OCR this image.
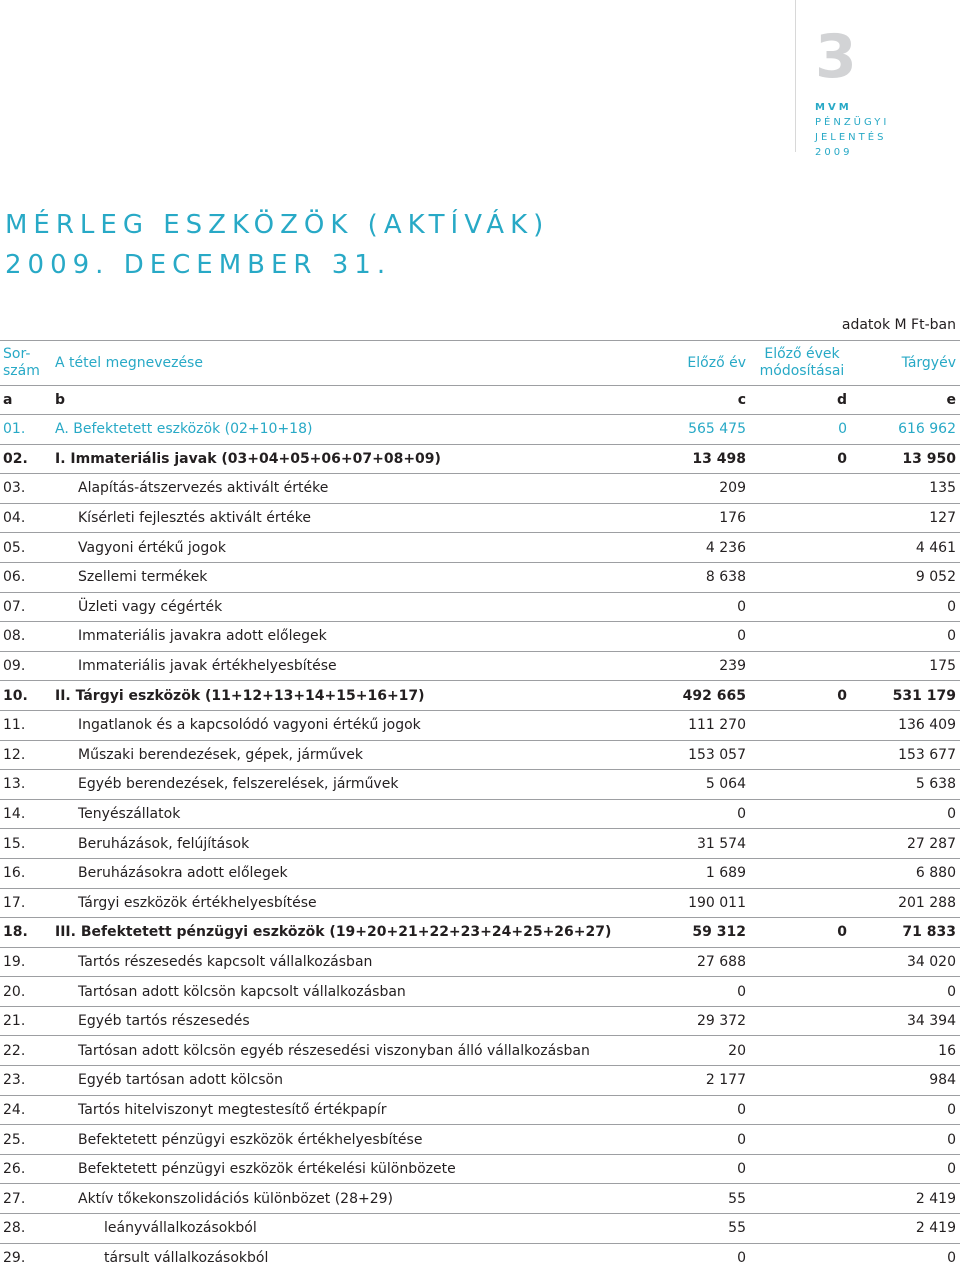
3
MVM
PÉNZÜGYI JELENTÉS
2009
MÉRLEG ESZKÖZÖK (AKTÍVÁK)
2009. DECEMBER 31.
adatok M Ft-ban
Sor- szám	A tétel megnevezése	Előző év	Előző évek módosításai	Tárgyév
a	b	c	d	e
01.	A. Befektetett eszközök (02+10+18)	565 475	0	616 962
02.	I. Immateriális javak (03+04+05+06+07+08+09)	13 498	0	13 950
03.	Alapítás-átszervezés aktivált értéke	209		135
04.	Kísérleti fejlesztés aktivált értéke	176		127
05.	Vagyoni értékű jogok	4 236		4 461
06.	Szellemi termékek	8 638		9 052
07.	Üzleti vagy cégérték	0		0
08.	Immateriális javakra adott előlegek	0		0
09.	Immateriális javak értékhelyesbítése	239		175
10.	II. Tárgyi eszközök (11+12+13+14+15+16+17)	492 665	0	531 179
11.	Ingatlanok és a kapcsolódó vagyoni értékű jogok	111 270		136 409
12.	Műszaki berendezések, gépek, járművek	153 057		153 677
13.	Egyéb berendezések, felszerelések, járművek	5 064		5 638
14.	Tenyészállatok	0		0
15.	Beruházások, felújítások	31 574		27 287
16.	Beruházásokra adott előlegek	1 689		6 880
17.	Tárgyi eszközök értékhelyesbítése	190 011		201 288
18.	III. Befektetett pénzügyi eszközök (19+20+21+22+23+24+25+26+27)	59 312	0	71 833
19.	Tartós részesedés kapcsolt vállalkozásban	27 688		34 020
20.	Tartósan adott kölcsön kapcsolt vállalkozásban	0		0
21.	Egyéb tartós részesedés	29 372		34 394
22.	Tartósan adott kölcsön egyéb részesedési viszonyban álló vállalkozásban	20		16
23.	Egyéb tartósan adott kölcsön	2 177		984
24.	Tartós hitelviszonyt megtestesítő értékpapír	0		0
25.	Befektetett pénzügyi eszközök értékhelyesbítése	0		0
26.	Befektetett pénzügyi eszközök értékelési különbözete	0		0
27.	Aktív tőkekonszolidációs különbözet (28+29)	55		2 419
28.	leányvállalkozásokból	55		2 419
29.	társult vállalkozásokból	0		0
